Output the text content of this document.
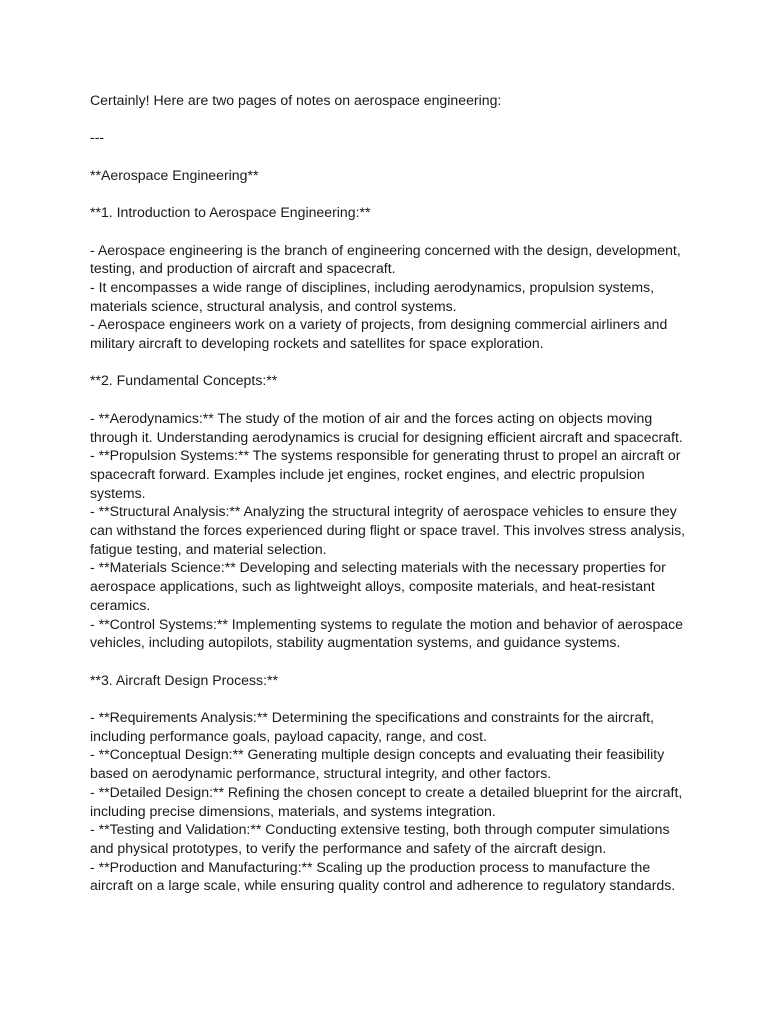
Certainly! Here are two pages of notes on aerospace engineering:

---

**Aerospace Engineering**

**1. Introduction to Aerospace Engineering:**

- Aerospace engineering is the branch of engineering concerned with the design, development,
testing, and production of aircraft and spacecraft.
- It encompasses a wide range of disciplines, including aerodynamics, propulsion systems,
materials science, structural analysis, and control systems.
- Aerospace engineers work on a variety of projects, from designing commercial airliners and
military aircraft to developing rockets and satellites for space exploration.

**2. Fundamental Concepts:**

- **Aerodynamics:** The study of the motion of air and the forces acting on objects moving
through it. Understanding aerodynamics is crucial for designing efficient aircraft and spacecraft.
- **Propulsion Systems:** The systems responsible for generating thrust to propel an aircraft or
spacecraft forward. Examples include jet engines, rocket engines, and electric propulsion
systems.
- **Structural Analysis:** Analyzing the structural integrity of aerospace vehicles to ensure they
can withstand the forces experienced during flight or space travel. This involves stress analysis,
fatigue testing, and material selection.
- **Materials Science:** Developing and selecting materials with the necessary properties for
aerospace applications, such as lightweight alloys, composite materials, and heat-resistant
ceramics.
- **Control Systems:** Implementing systems to regulate the motion and behavior of aerospace
vehicles, including autopilots, stability augmentation systems, and guidance systems.

**3. Aircraft Design Process:**

- **Requirements Analysis:** Determining the specifications and constraints for the aircraft,
including performance goals, payload capacity, range, and cost.
- **Conceptual Design:** Generating multiple design concepts and evaluating their feasibility
based on aerodynamic performance, structural integrity, and other factors.
- **Detailed Design:** Refining the chosen concept to create a detailed blueprint for the aircraft,
including precise dimensions, materials, and systems integration.
- **Testing and Validation:** Conducting extensive testing, both through computer simulations
and physical prototypes, to verify the performance and safety of the aircraft design.
- **Production and Manufacturing:** Scaling up the production process to manufacture the
aircraft on a large scale, while ensuring quality control and adherence to regulatory standards.
